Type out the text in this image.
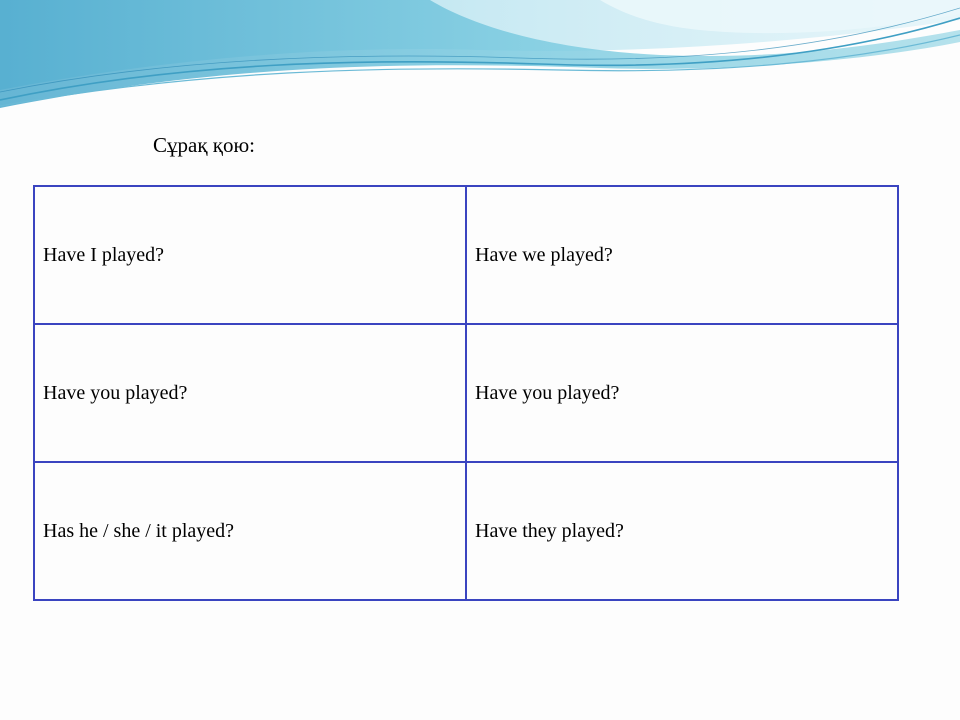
Сұрақ қою:
Have I played?	Have we played?
Have you played?	Have you played?
Has he / she / it played?	Have they played?
